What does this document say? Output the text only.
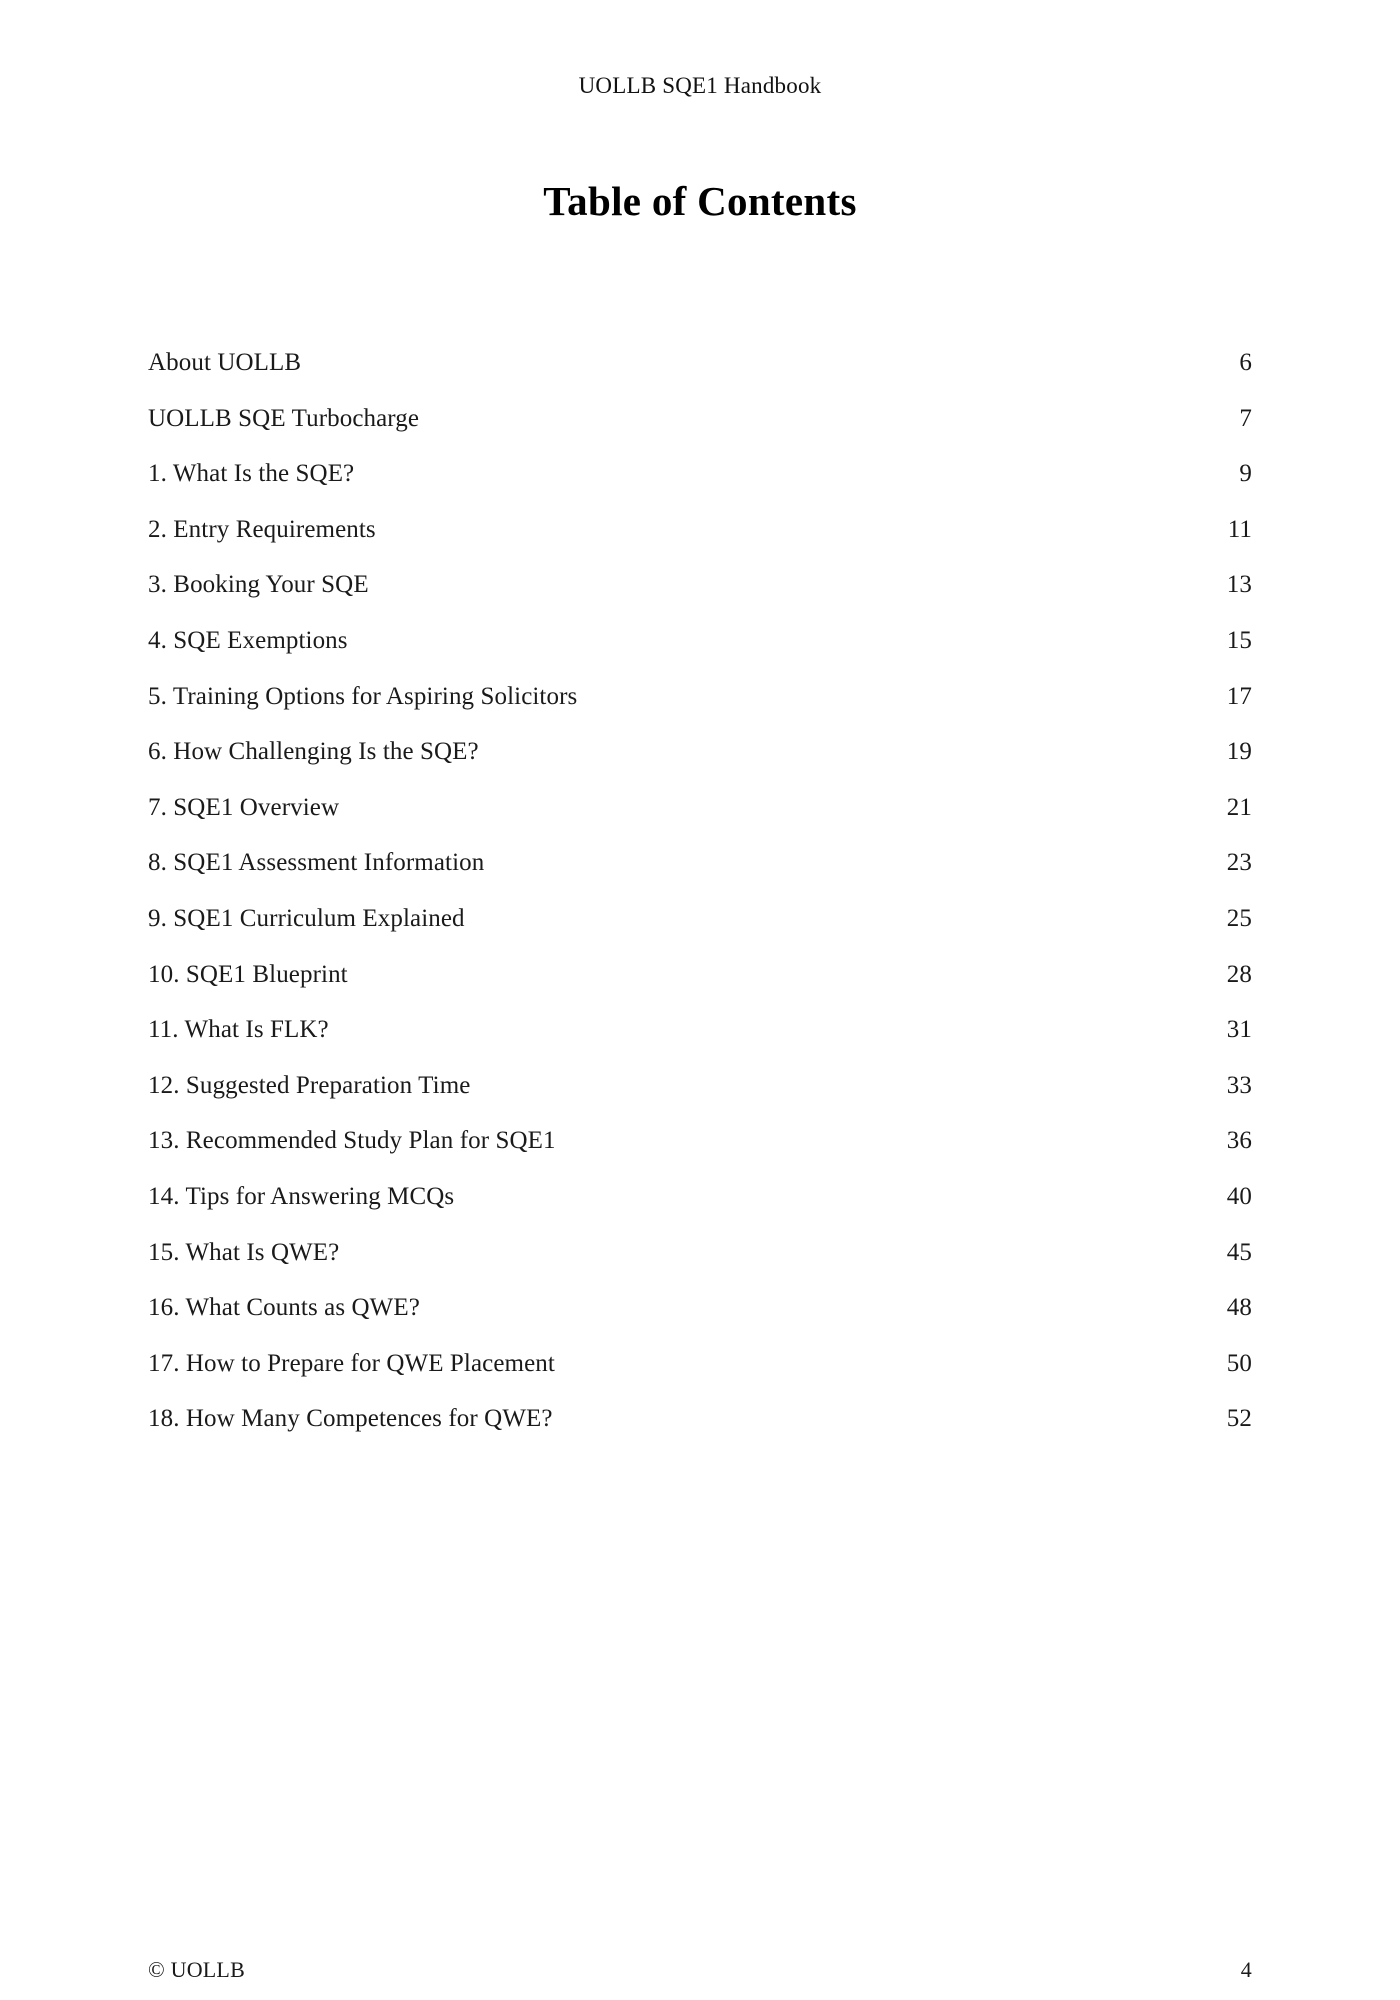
UOLLB SQE1 Handbook
Table of Contents
About UOLLB	6
UOLLB SQE Turbocharge	7
1. What Is the SQE?	9
2. Entry Requirements	11
3. Booking Your SQE	13
4. SQE Exemptions	15
5. Training Options for Aspiring Solicitors	17
6. How Challenging Is the SQE?	19
7. SQE1 Overview	21
8. SQE1 Assessment Information	23
9. SQE1 Curriculum Explained	25
10. SQE1 Blueprint	28
11. What Is FLK?	31
12. Suggested Preparation Time	33
13. Recommended Study Plan for SQE1	36
14. Tips for Answering MCQs	40
15. What Is QWE?	45
16. What Counts as QWE?	48
17. How to Prepare for QWE Placement	50
18. How Many Competences for QWE?	52
© UOLLB	4
